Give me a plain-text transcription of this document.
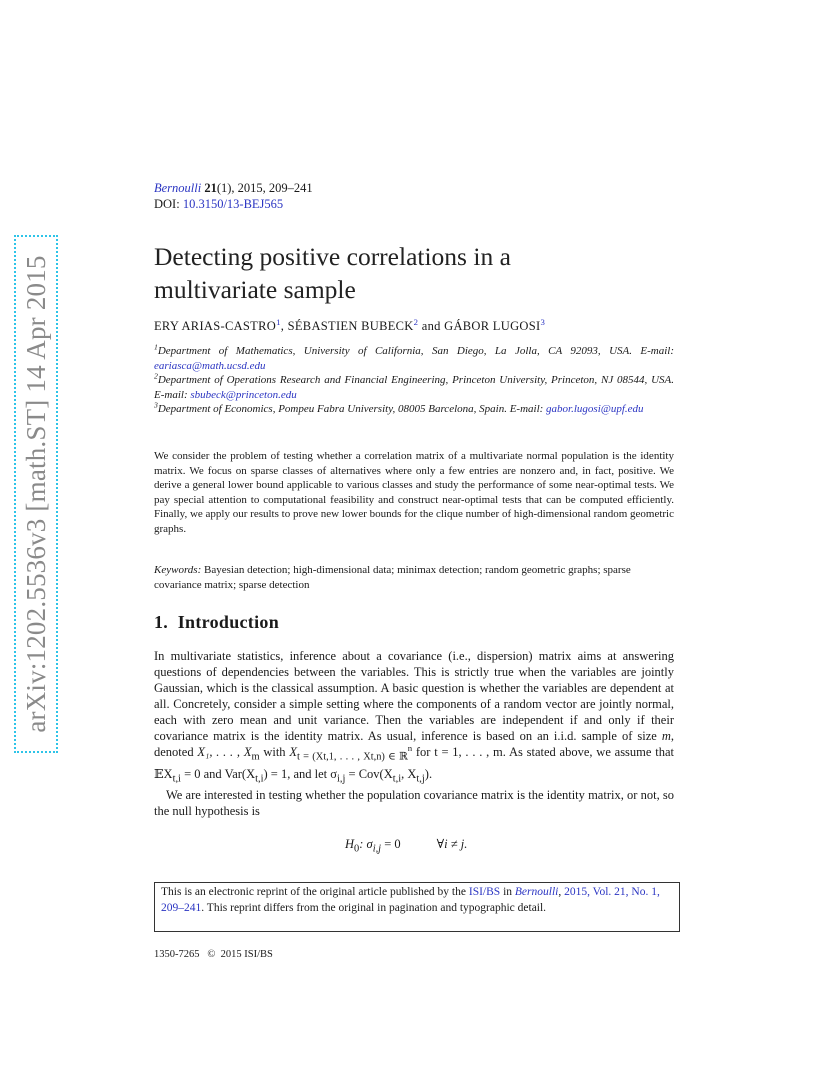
arXiv:1202.5536v3 [math.ST] 14 Apr 2015
Bernoulli 21(1), 2015, 209–241
DOI: 10.3150/13-BEJ565
Detecting positive correlations in a
multivariate sample
ERY ARIAS-CASTRO$^1$, SÉBASTIEN BUBECK$^2$ and GÁBOR LUGOSI$^3$

$^1$Department of Mathematics, University of California, San Diego, La Jolla, CA 92093, USA. E-mail: eariasca@math.ucsd.edu

$^2$Department of Operations Research and Financial Engineering, Princeton University, Princeton, NJ 08544, USA. E-mail: sbubeck@princeton.edu

$^3$Department of Economics, Pompeu Fabra University, 08005 Barcelona, Spain. E-mail: gabor.lugosi@upf.edu

We consider the problem of testing whether a correlation matrix of a multivariate normal population is the identity matrix. We focus on sparse classes of alternatives where only a few entries are nonzero and, in fact, positive. We derive a general lower bound applicable to various classes and study the performance of some near-optimal tests. We pay special attention to computational feasibility and construct near-optimal tests that can be computed efficiently. Finally, we apply our results to prove new lower bounds for the clique number of high-dimensional random geometric graphs.

Keywords: Bayesian detection; high-dimensional data; minimax detection; random geometric graphs; sparse covariance matrix; sparse detection

1. Introduction

In multivariate statistics, inference about a covariance (i.e., dispersion) matrix aims at answering questions of dependencies between the variables. This is strictly true when the variables are jointly Gaussian, which is the classical assumption. A basic question is whether the variables are dependent at all. Concretely, consider a simple setting where the components of a random vector are jointly normal, each with zero mean and unit variance. Then the variables are independent if and only if their covariance matrix is the identity matrix. As usual, inference is based on an i.i.d. sample of size m, denoted X₁, . . . , $X_m$ with $X_{t = (Xt,1, . . . , Xt,n) \in ℝ}^n$ for t = 1, . . . , m. As stated above, we assume that 𝔼X$_{t,i}$ = 0 and $Var(X_{t,i}) = 1$, and let $\sigma_{i,j} = Cov(X_{t,i}$, $X_{t,j}$).

We are interested in testing whether the population covariance matrix is the identity matrix, or not, so the null hypothesis is

$H_0$: $\sigma_{i,j} = 0$	∀i ≠ j.
This is an electronic reprint of the original article published by the ISI/BS in Bernoulli, 2015, Vol. 21, No. 1, 209–241. This reprint differs from the original in pagination and typographic detail.
1350-7265 © 2015 ISI/BS
